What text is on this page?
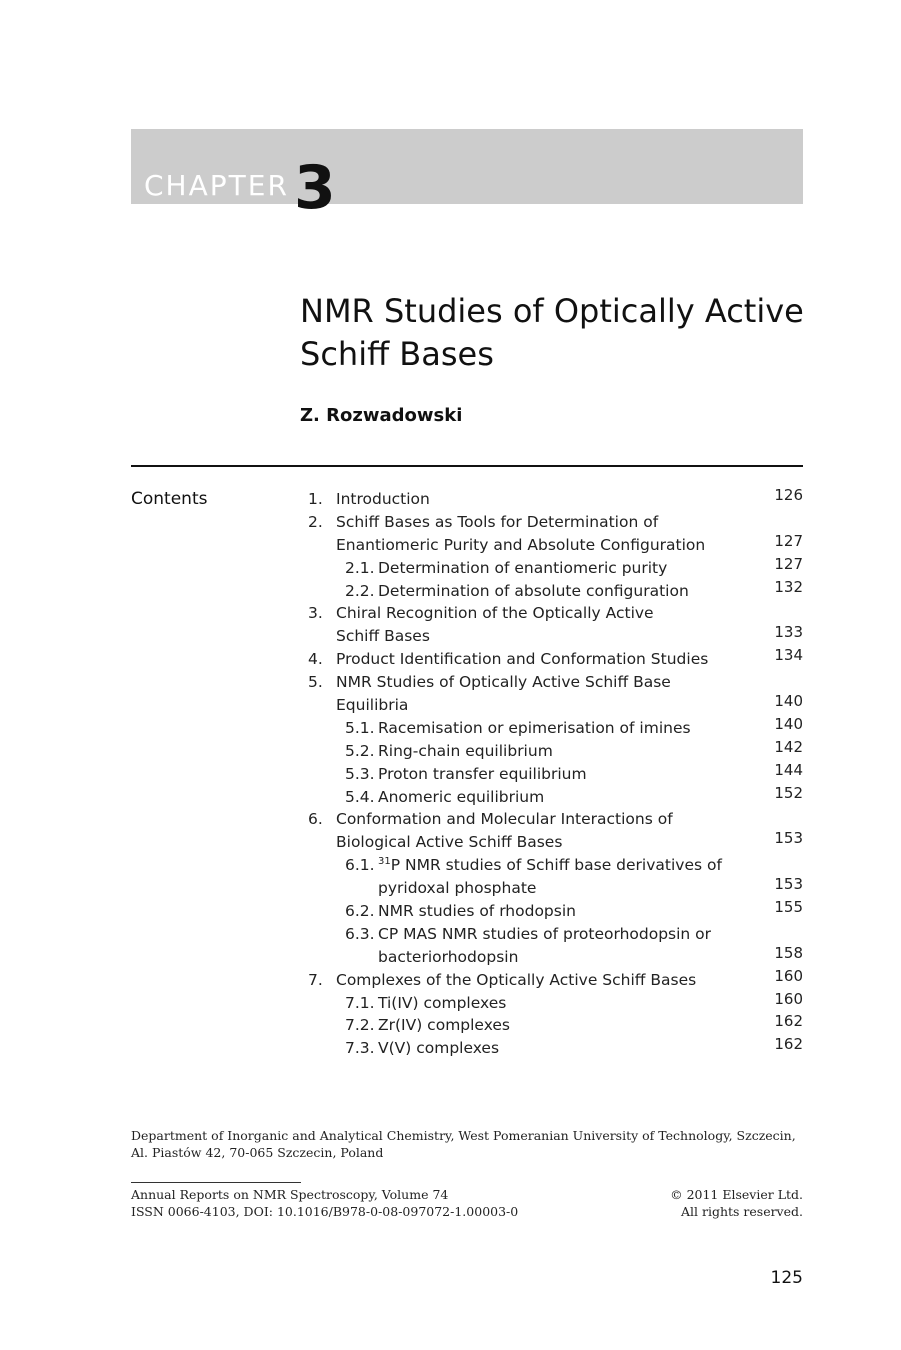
CHAPTER 3
NMR Studies of Optically Active
Schiff Bases
Z. Rozwadowski
Contents	1. Introduction	126
2. Schiff Bases as Tools for Determination of
Enantiomeric Purity and Absolute Configuration	127
2.1. Determination of enantiomeric purity	127
2.2. Determination of absolute configuration	132
3. Chiral Recognition of the Optically Active
Schiff Bases	133
4. Product Identification and Conformation Studies	134
5. NMR Studies of Optically Active Schiff Base
Equilibria	140
5.1. Racemisation or epimerisation of imines	140
5.2. Ring-chain equilibrium	142
5.3. Proton transfer equilibrium	144
5.4. Anomeric equilibrium	152
6. Conformation and Molecular Interactions of
Biological Active Schiff Bases	153
6.1. $^{31}$P NMR studies of Schiff base derivatives of
pyridoxal phosphate	153
6.2. NMR studies of rhodopsin	155
6.3. CP MAS NMR studies of proteorhodopsin or
bacteriorhodopsin	158
7. Complexes of the Optically Active Schiff Bases	160
7.1. Ti(IV) complexes	160
7.2. Zr(IV) complexes	162
7.3. V(V) complexes	162
Department of Inorganic and Analytical Chemistry, West Pomeranian University of Technology, Szczecin, Al. Piastów 42, 70-065 Szczecin, Poland
Annual Reports on NMR Spectroscopy, Volume 74
ISSN 0066-4103, DOI: 10.1016/B978-0-08-097072-1.00003-0
© 2011 Elsevier Ltd.
All rights reserved.
125
